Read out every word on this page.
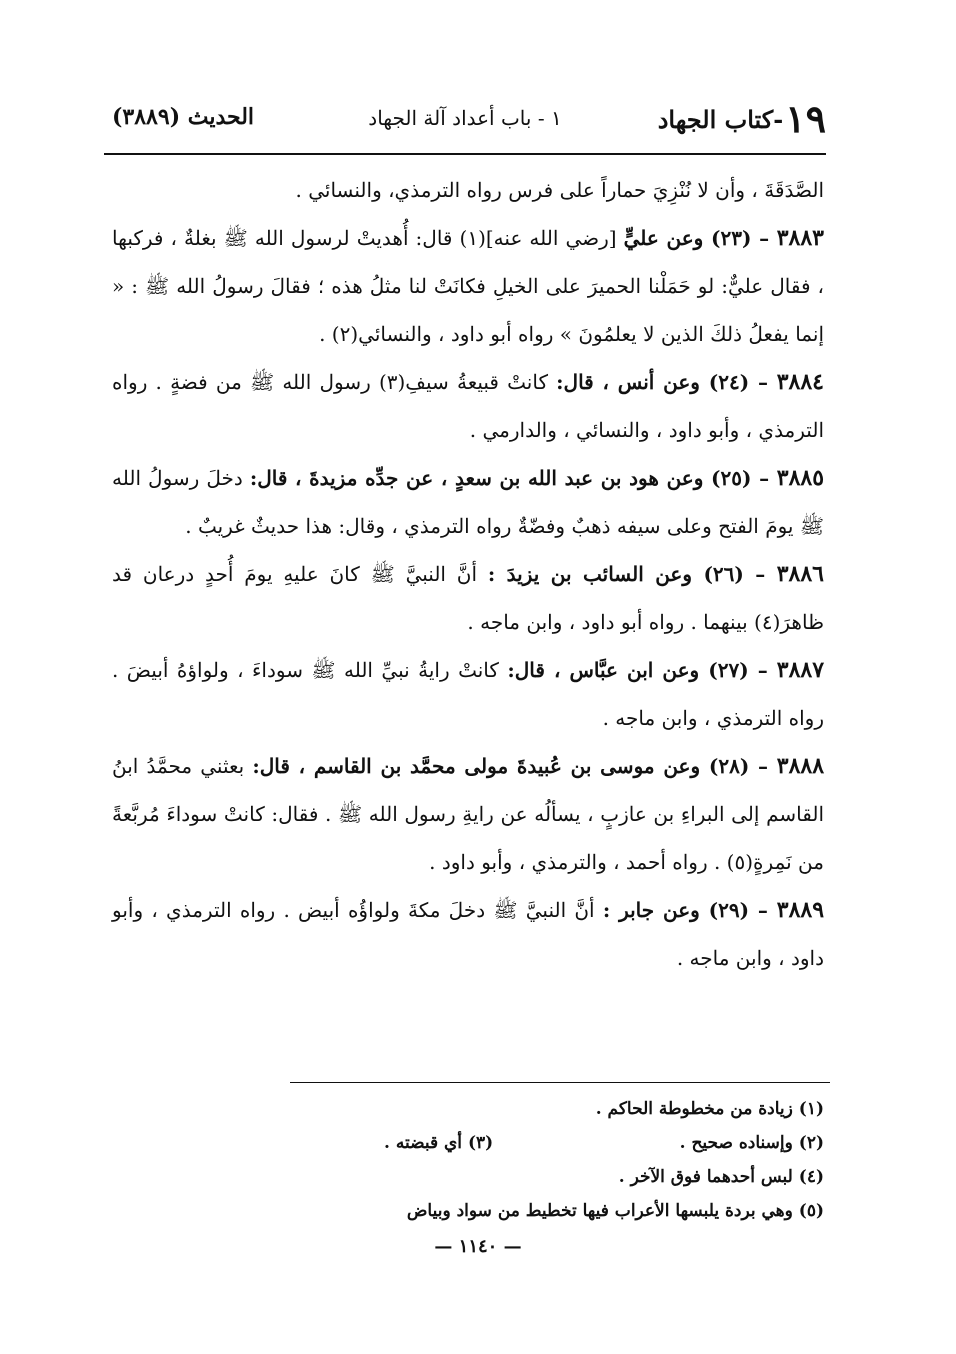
١٩-كتاب الجهاد
١ - باب أعداد آلة الجهاد
الحديث (٣٨٨٩)

الصَّدَقَةَ ، وأن لا نُنْزِيَ حماراً على فرس رواه الترمذي، والنسائي .

٣٨٨٣ – (٢٣) وعن عليٍّ [رضي الله عنه](١) قال: أُهديتْ لرسول الله ﷺ بغلةٌ ، فركبها ، فقال عليٌّ: لو حَمَلْنا الحميرَ على الخيلِ فكانَتْ لنا مثلُ هذه ؛ فقالَ رسولُ الله ﷺ : « إنما يفعلُ ذلكَ الذين لا يعلمُونَ » رواه أبو داود ، والنسائي(٢) .

٣٨٨٤ – (٢٤) وعن أنس ، قال: كانتْ قبيعةُ سيفِ(٣) رسول الله ﷺ من فضةٍ . رواه الترمذي ، وأبو داود ، والنسائي ، والدارمي .

٣٨٨٥ – (٢٥) وعن هود بن عبد الله بن سعدٍ ، عن جدِّه مزيدةَ ، قال: دخلَ رسولُ الله ﷺ يومَ الفتح وعلى سيفه ذهبٌ وفضّةٌ رواه الترمذي ، وقال: هذا حديثٌ غريبٌ .

٣٨٨٦ – (٢٦) وعن السائب بن يزيدَ : أنَّ النبيَّ ﷺ كانَ عليهِ يومَ أُحدٍ درعان قد ظاهرَ(٤) بينهما . رواه أبو داود ، وابن ماجه .

٣٨٨٧ – (٢٧) وعن ابن عبَّاس ، قال: كانتْ رايةُ نبيِّ الله ﷺ سوداءَ ، ولواؤهُ أبيضَ . رواه الترمذي ، وابن ماجه .

٣٨٨٨ – (٢٨) وعن موسى بن عُبيدةَ مولى محمَّد بن القاسم ، قال: بعثني محمَّدُ ابنُ القاسم إلى البراءِ بن عازبٍ ، يسألُه عن رايةِ رسول الله ﷺ . فقال: كانتْ سوداءَ مُربَّعةً من نَمِرةٍ(٥) . رواه أحمد ، والترمذي ، وأبو داود .

٣٨٨٩ – (٢٩) وعن جابر : أنَّ النبيَّ ﷺ دخلَ مكةَ ولواؤُه أبيض . رواه الترمذي ، وأبو داود ، وابن ماجه .

(١) زيادة من مخطوطة الحاكم .
(٢) وإسناده صحيح .
(٣) أي قبضته .
(٤) لبس أحدهما فوق الآخر .
(٥) وهي بردة يلبسها الأعراب فيها تخطيط من سواد وبياض
— ١١٤٠ —
